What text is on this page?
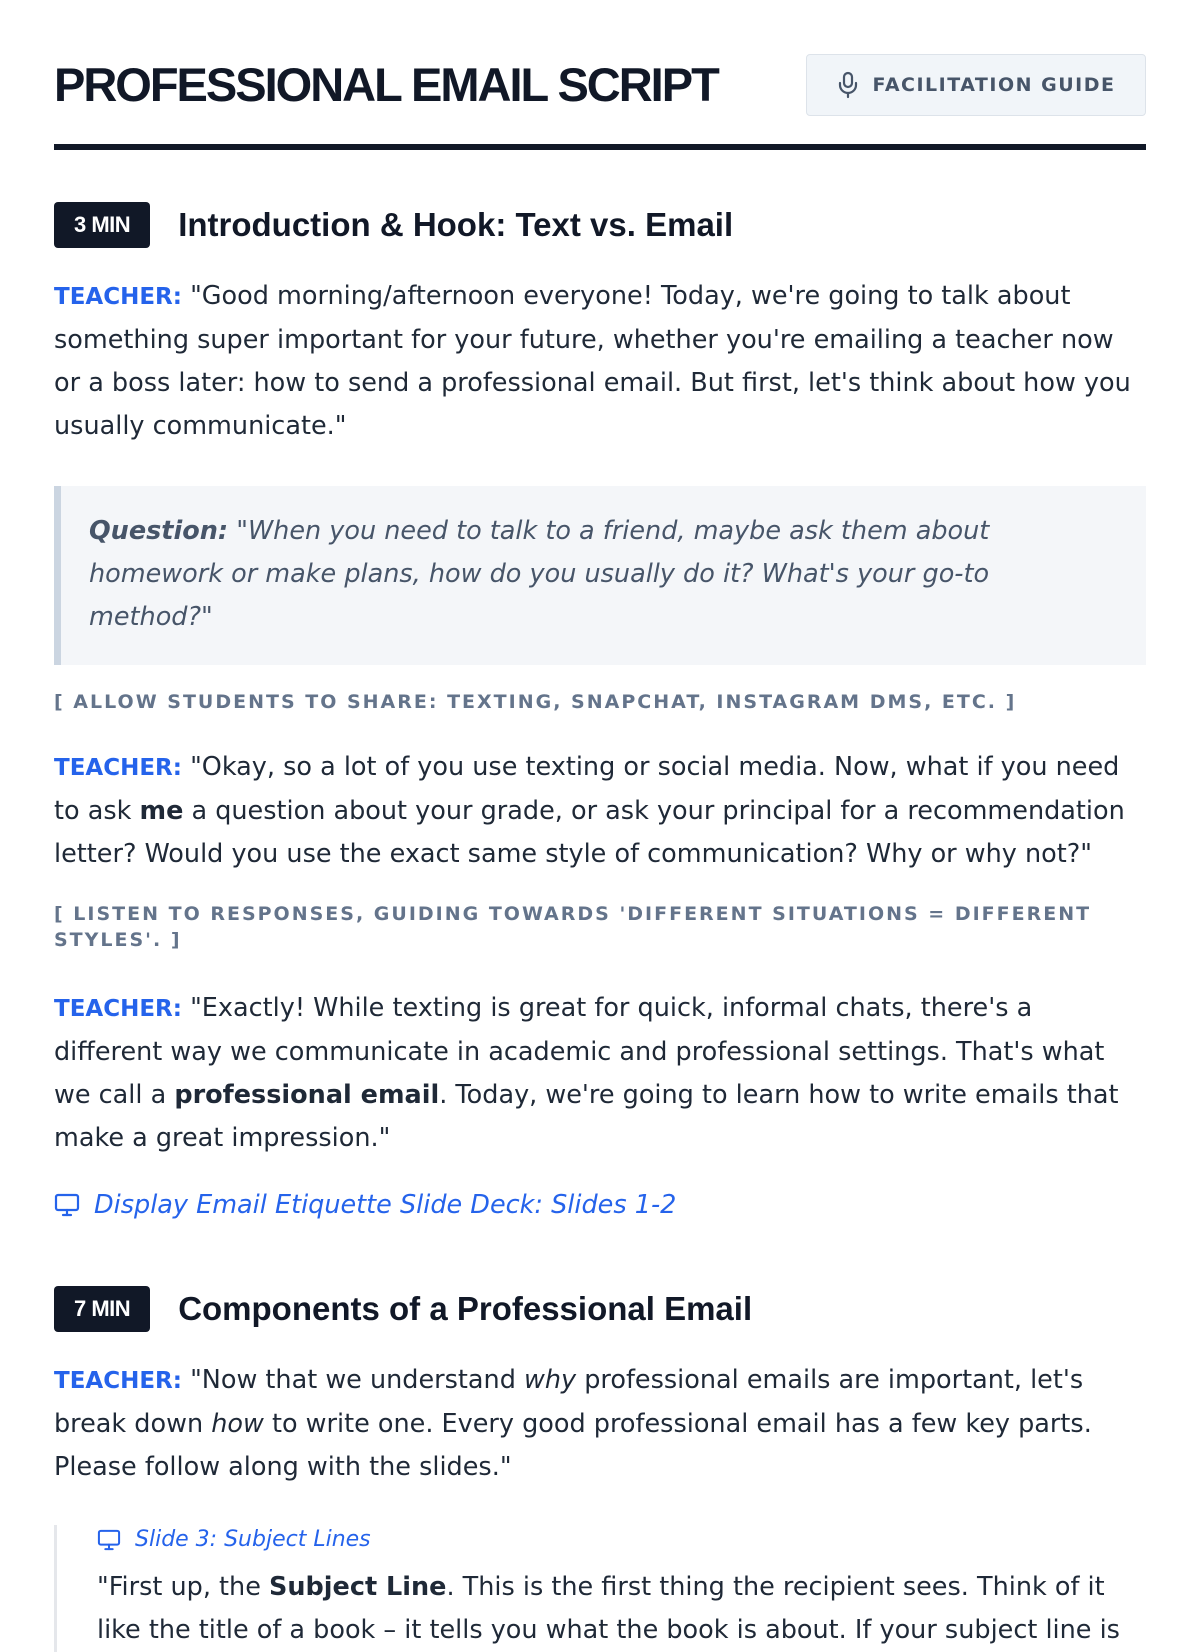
PROFESSIONAL EMAIL SCRIPT	FACILITATION GUIDE
3 MIN	Introduction & Hook: Text vs. Email

TEACHER: "Good morning/afternoon everyone! Today, we're going to talk about something super important for your future, whether you're emailing a teacher now or a boss later: how to send a professional email. But first, let's think about how you usually communicate."

Question: "When you need to talk to a friend, maybe ask them about homework or make plans, how do you usually do it? What's your go-to method?"

[ ALLOW STUDENTS TO SHARE: TEXTING, SNAPCHAT, INSTAGRAM DMS, ETC. ]

TEACHER: "Okay, so a lot of you use texting or social media. Now, what if you need to ask me a question about your grade, or ask your principal for a recommendation letter? Would you use the exact same style of communication? Why or why not?"

[ LISTEN TO RESPONSES, GUIDING TOWARDS 'DIFFERENT SITUATIONS = DIFFERENT STYLES'. ]

TEACHER: "Exactly! While texting is great for quick, informal chats, there's a different way we communicate in academic and professional settings. That's what we call a professional email. Today, we're going to learn how to write emails that make a great impression."

Display Email Etiquette Slide Deck: Slides 1-2
7 MIN	Components of a Professional Email

TEACHER: "Now that we understand why professional emails are important, let's break down how to write one. Every good professional email has a few key parts. Please follow along with the slides."

Slide 3: Subject Lines

"First up, the Subject Line. This is the first thing the recipient sees. Think of it like the title of a book – it tells you what the book is about. If your subject line is
